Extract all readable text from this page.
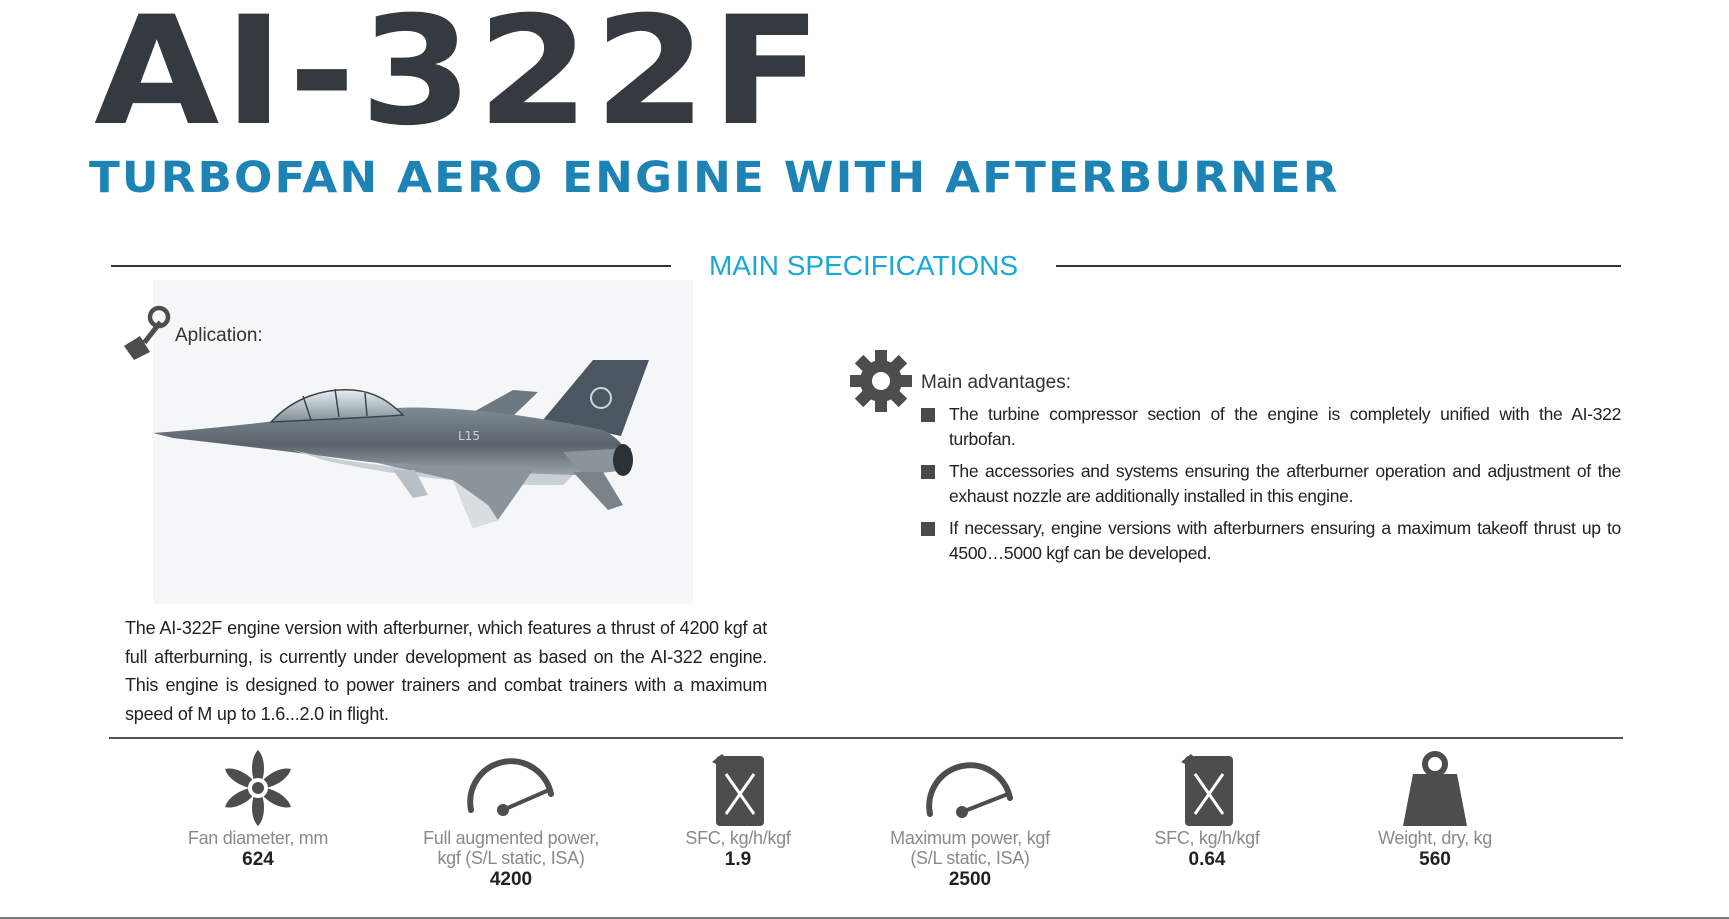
AI-322F
TURBOFAN AERO ENGINE WITH AFTERBURNER
MAIN SPECIFICATIONS
L15
Aplication:

The AI-322F engine version with afterburner, which features a thrust of 4200 kgf at full afterburning, is currently under development as based on the AI-322 engine. This engine is designed to power trainers and combat trainers with a maximum speed of M up to 1.6...2.0 in flight.

Main advantages:
The turbine compressor section of the engine is completely unified with the AI-322 turbofan.
The accessories and systems ensuring the afterburner operation and adjustment of the exhaust nozzle are additionally installed in this engine.
If necessary, engine versions with afterburners ensuring a maximum takeoff thrust up to 4500…5000 kgf can be developed.
Fan diameter, mm
624
Full augmented power, kgf (S/L static, ISA)
4200
SFC, kg/h/kgf
1.9
Maximum power, kgf (S/L static, ISA)
2500
SFC, kg/h/kgf
0.64
Weight, dry, kg
560
